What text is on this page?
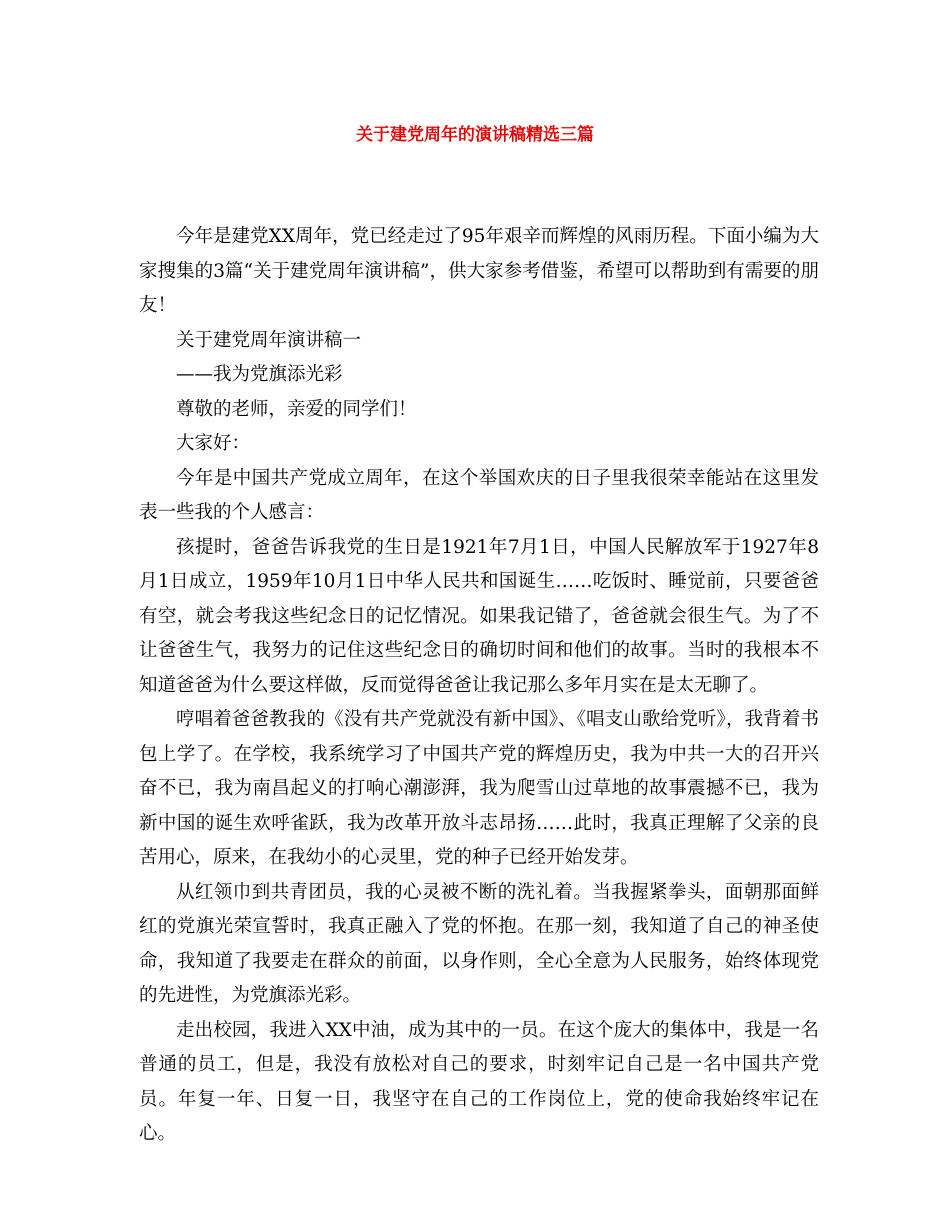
关于建党周年的演讲稿精选三篇

今年是建党XX周年，党已经走过了95年艰辛而辉煌的风雨历程。下面小编为大家搜集的3篇“关于建党周年演讲稿”，供大家参考借鉴，希望可以帮助到有需要的朋友！

关于建党周年演讲稿一

——我为党旗添光彩

尊敬的老师，亲爱的同学们！

大家好：

今年是中国共产党成立周年，在这个举国欢庆的日子里我很荣幸能站在这里发表一些我的个人感言：

孩提时，爸爸告诉我党的生日是1921年7月1日，中国人民解放军于1927年8月1日成立，1959年10月1日中华人民共和国诞生……吃饭时、睡觉前，只要爸爸有空，就会考我这些纪念日的记忆情况。如果我记错了，爸爸就会很生气。为了不让爸爸生气，我努力的记住这些纪念日的确切时间和他们的故事。当时的我根本不知道爸爸为什么要这样做，反而觉得爸爸让我记那么多年月实在是太无聊了。

哼唱着爸爸教我的《没有共产党就没有新中国》、《唱支山歌给党听》，我背着书包上学了。在学校，我系统学习了中国共产党的辉煌历史，我为中共一大的召开兴奋不已，我为南昌起义的打响心潮澎湃，我为爬雪山过草地的故事震撼不已，我为新中国的诞生欢呼雀跃，我为改革开放斗志昂扬……此时，我真正理解了父亲的良苦用心，原来，在我幼小的心灵里，党的种子已经开始发芽。

从红领巾到共青团员，我的心灵被不断的洗礼着。当我握紧拳头，面朝那面鲜红的党旗光荣宣誓时，我真正融入了党的怀抱。在那一刻，我知道了自己的神圣使命，我知道了我要走在群众的前面，以身作则，全心全意为人民服务，始终体现党的先进性，为党旗添光彩。

走出校园，我进入XX中油，成为其中的一员。在这个庞大的集体中，我是一名普通的员工，但是，我没有放松对自己的要求，时刻牢记自己是一名中国共产党员。年复一年、日复一日，我坚守在自己的工作岗位上，党的使命我始终牢记在心。
